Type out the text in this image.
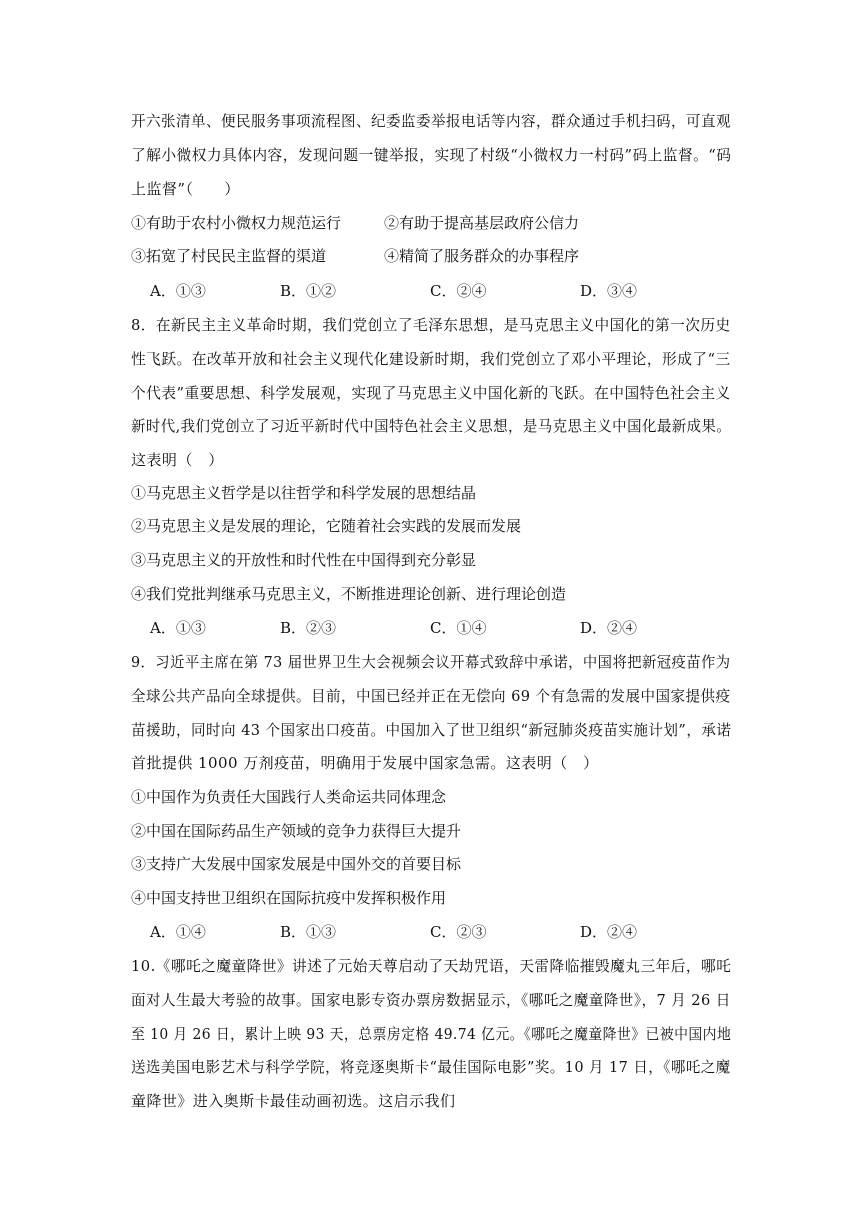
开六张清单、便民服务事项流程图、纪委监委举报电话等内容，群众通过手机扫码，可直观
了解小微权力具体内容，发现问题一键举报，实现了村级“小微权力一村码”码上监督。“码
上监督”（　　）
①有助于农村小微权力规范运行	②有助于提高基层政府公信力
③拓宽了村民民主监督的渠道	④精简了服务群众的办事程序
A．①③	B．①②	C．②④	D．③④
8．在新民主主义革命时期，我们党创立了毛泽东思想，是马克思主义中国化的第一次历史
性飞跃。在改革开放和社会主义现代化建设新时期，我们党创立了邓小平理论，形成了“三
个代表”重要思想、科学发展观，实现了马克思主义中国化新的飞跃。在中国特色社会主义
新时代,我们党创立了习近平新时代中国特色社会主义思想，是马克思主义中国化最新成果。
这表明（　）
①马克思主义哲学是以往哲学和科学发展的思想结晶
②马克思主义是发展的理论，它随着社会实践的发展而发展
③马克思主义的开放性和时代性在中国得到充分彰显
④我们党批判继承马克思主义，不断推进理论创新、进行理论创造
A．①③	B．②③	C．①④	D．②④
9．习近平主席在第 73 届世界卫生大会视频会议开幕式致辞中承诺，中国将把新冠疫苗作为
全球公共产品向全球提供。目前，中国已经并正在无偿向 69 个有急需的发展中国家提供疫
苗援助，同时向 43 个国家出口疫苗。中国加入了世卫组织“新冠肺炎疫苗实施计划”，承诺
首批提供 1000 万剂疫苗，明确用于发展中国家急需。这表明（　）
①中国作为负责任大国践行人类命运共同体理念
②中国在国际药品生产领域的竞争力获得巨大提升
③支持广大发展中国家发展是中国外交的首要目标
④中国支持世卫组织在国际抗疫中发挥积极作用
A．①④	B．①③	C．②③	D．②④
10.《哪吒之魔童降世》讲述了元始天尊启动了天劫咒语，天雷降临摧毁魔丸三年后，哪吒
面对人生最大考验的故事。国家电影专资办票房数据显示，《哪吒之魔童降世》，7 月 26 日
至 10 月 26 日，累计上映 93 天，总票房定格 49.74 亿元。《哪吒之魔童降世》已被中国内地
送选美国电影艺术与科学学院，将竞逐奥斯卡“最佳国际电影”奖。10 月 17 日，《哪吒之魔
童降世》进入奥斯卡最佳动画初选。这启示我们
